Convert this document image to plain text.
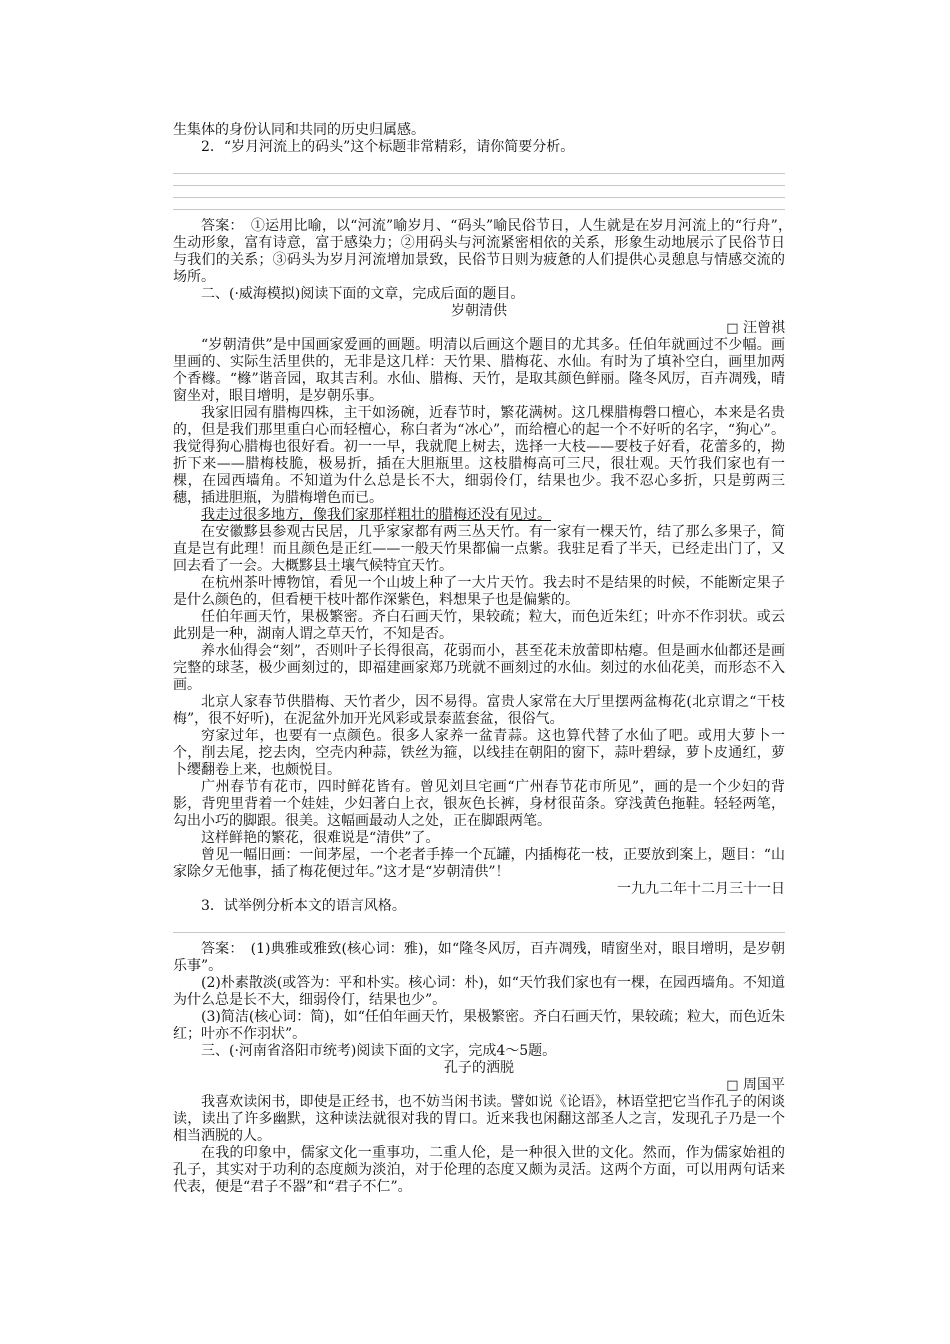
生集体的身份认同和共同的历史归属感。

2．“岁月河流上的码头”这个标题非常精彩，请你简要分析。

答案：　①运用比喻，以“河流”喻岁月、“码头”喻民俗节日，人生就是在岁月河流上的“行舟”，　生动形象，富有诗意，富于感染力；②用码头与河流紧密相依的关系，形象生动地展示了民俗节日与我们的关系；③码头为岁月河流增加景致，民俗节日则为疲惫的人们提供心灵憩息与情感交流的场所。

二、(·威海模拟)阅读下面的文章，完成后面的题目。

岁朝清供

□ 汪曾祺

“岁朝清供”是中国画家爱画的画题。明清以后画这个题目的尤其多。任伯年就画过不少幅。画里画的、实际生活里供的，无非是这几样：天竹果、腊梅花、水仙。有时为了填补空白，画里加两个香橼。“橼”谐音园，取其吉利。水仙、腊梅、天竹，是取其颜色鲜丽。隆冬风厉，百卉凋残，晴窗坐对，眼目增明，是岁朝乐事。

我家旧园有腊梅四株，主干如汤碗，近春节时，繁花满树。这几棵腊梅磬口檀心，本来是名贵的，但是我们那里重白心而轻檀心，称白者为“冰心”，而给檀心的起一个不好听的名字，“狗心”。我觉得狗心腊梅也很好看。初一一早，我就爬上树去，选择一大枝——要枝子好看，花蕾多的，拗折下来——腊梅枝脆，极易折，插在大胆瓶里。这枝腊梅高可三尺，很壮观。天竹我们家也有一棵，在园西墙角。不知道为什么总是长不大，细弱伶仃，结果也少。我不忍心多折，只是剪两三穗，插进胆瓶，为腊梅增色而已。

我走过很多地方，像我们家那样粗壮的腊梅还没有见过。

在安徽黟县参观古民居，几乎家家都有两三丛天竹。有一家有一棵天竹，结了那么多果子，简直是岂有此理！而且颜色是正红——一般天竹果都偏一点紫。我驻足看了半天，已经走出门了，又回去看了一会。大概黟县土壤气候特宜天竹。

在杭州茶叶博物馆，看见一个山坡上种了一大片天竹。我去时不是结果的时候，不能断定果子是什么颜色的，但看梗干枝叶都作深紫色，料想果子也是偏紫的。

任伯年画天竹，果极繁密。齐白石画天竹，果较疏；粒大，而色近朱红；叶亦不作羽状。或云此别是一种，湖南人谓之草天竹，不知是否。

养水仙得会“刻”，否则叶子长得很高，花弱而小，甚至花未放蕾即枯瘪。但是画水仙都还是画完整的球茎，极少画刻过的，即福建画家郑乃珖就不画刻过的水仙。刻过的水仙花美，而形态不入画。

北京人家春节供腊梅、天竹者少，因不易得。富贵人家常在大厅里摆两盆梅花(北京谓之“干枝梅”，很不好听)，在泥盆外加开光风彩或景泰蓝套盆，很俗气。

穷家过年，也要有一点颜色。很多人家养一盆青蒜。这也算代替了水仙了吧。或用大萝卜一个，削去尾，挖去肉，空壳内种蒜，铁丝为箍，以线挂在朝阳的窗下，蒜叶碧绿，萝卜皮通红，萝卜缨翻卷上来，也颇悦目。

广州春节有花市，四时鲜花皆有。曾见刘旦宅画“广州春节花市所见”，画的是一个少妇的背影，背兜里背着一个娃娃，少妇著白上衣，银灰色长裤，身材很苗条。穿浅黄色拖鞋。轻轻两笔，勾出小巧的脚跟。很美。这幅画最动人之处，正在脚跟两笔。

这样鲜艳的繁花，很难说是“清供”了。

曾见一幅旧画：一间茅屋，一个老者手捧一个瓦罐，内插梅花一枝，正要放到案上，题目：“山家除夕无他事，插了梅花便过年。”这才是“岁朝清供”！

一九九二年十二月三十一日

3．试举例分析本文的语言风格。

答案：　(1)典雅或雅致(核心词：雅)，如“隆冬风厉，百卉凋残，晴窗坐对，眼目增明，是岁朝乐事”。

(2)朴素散淡(或答为：平和朴实。核心词：朴)，如“天竹我们家也有一棵，在园西墙角。不知道为什么总是长不大，细弱伶仃，结果也少”。

(3)简洁(核心词：简)，如“任伯年画天竹，果极繁密。齐白石画天竹，果较疏；粒大，而色近朱红；叶亦不作羽状”。

三、(·河南省洛阳市统考)阅读下面的文字，完成4～5题。

孔子的洒脱

□ 周国平

我喜欢读闲书，即使是正经书，也不妨当闲书读。譬如说《论语》，林语堂把它当作孔子的闲谈读，读出了许多幽默，这种读法就很对我的胃口。近来我也闲翻这部圣人之言，发现孔子乃是一个相当洒脱的人。

在我的印象中，儒家文化一重事功，二重人伦，是一种很入世的文化。然而，作为儒家始祖的孔子，其实对于功利的态度颇为淡泊，对于伦理的态度又颇为灵活。这两个方面，可以用两句话来代表，便是“君子不器”和“君子不仁”。
